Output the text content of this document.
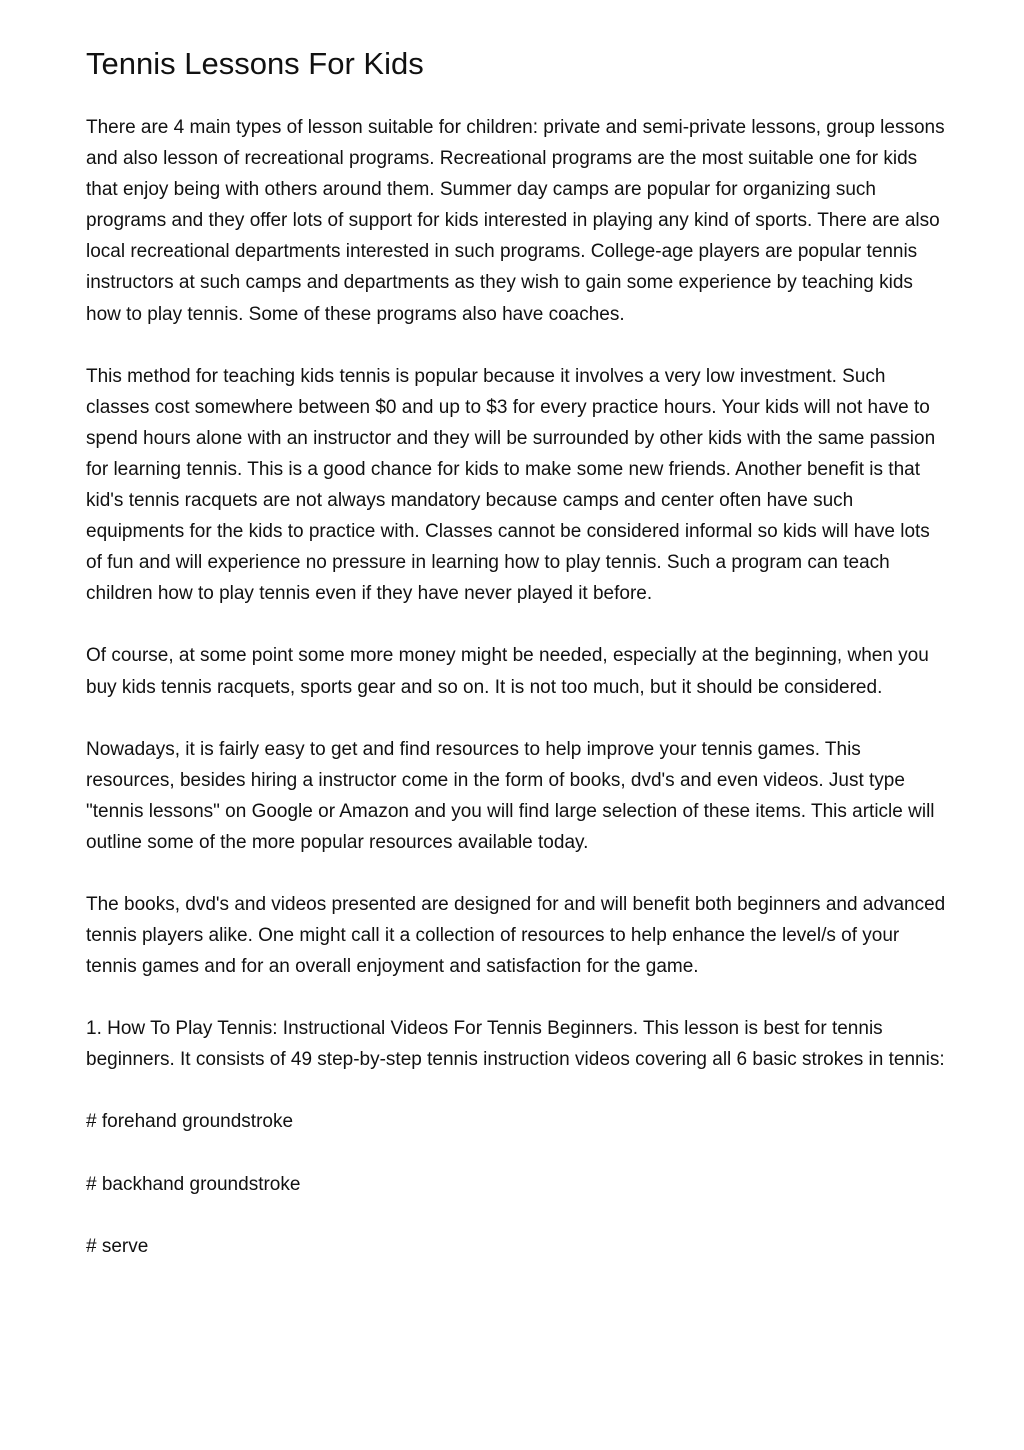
Tennis Lessons For Kids

There are 4 main types of lesson suitable for children: private and semi-private lessons, group lessons and also lesson of recreational programs. Recreational programs are the most suitable one for kids that enjoy being with others around them. Summer day camps are popular for organizing such programs and they offer lots of support for kids interested in playing any kind of sports. There are also local recreational departments interested in such programs. College-age players are popular tennis instructors at such camps and departments as they wish to gain some experience by teaching kids how to play tennis. Some of these programs also have coaches.

This method for teaching kids tennis is popular because it involves a very low investment. Such classes cost somewhere between $0 and up to $3 for every practice hours. Your kids will not have to spend hours alone with an instructor and they will be surrounded by other kids with the same passion for learning tennis. This is a good chance for kids to make some new friends. Another benefit is that kid's tennis racquets are not always mandatory because camps and center often have such equipments for the kids to practice with. Classes cannot be considered informal so kids will have lots of fun and will experience no pressure in learning how to play tennis. Such a program can teach children how to play tennis even if they have never played it before.

Of course, at some point some more money might be needed, especially at the beginning, when you buy kids tennis racquets, sports gear and so on. It is not too much, but it should be considered.

Nowadays, it is fairly easy to get and find resources to help improve your tennis games. This resources, besides hiring a instructor come in the form of books, dvd's and even videos. Just type "tennis lessons" on Google or Amazon and you will find large selection of these items. This article will outline some of the more popular resources available today.

The books, dvd's and videos presented are designed for and will benefit both beginners and advanced tennis players alike. One might call it a collection of resources to help enhance the level/s of your tennis games and for an overall enjoyment and satisfaction for the game.

1. How To Play Tennis: Instructional Videos For Tennis Beginners. This lesson is best for tennis beginners. It consists of 49 step-by-step tennis instruction videos covering all 6 basic strokes in tennis:

# forehand groundstroke

# backhand groundstroke

# serve
